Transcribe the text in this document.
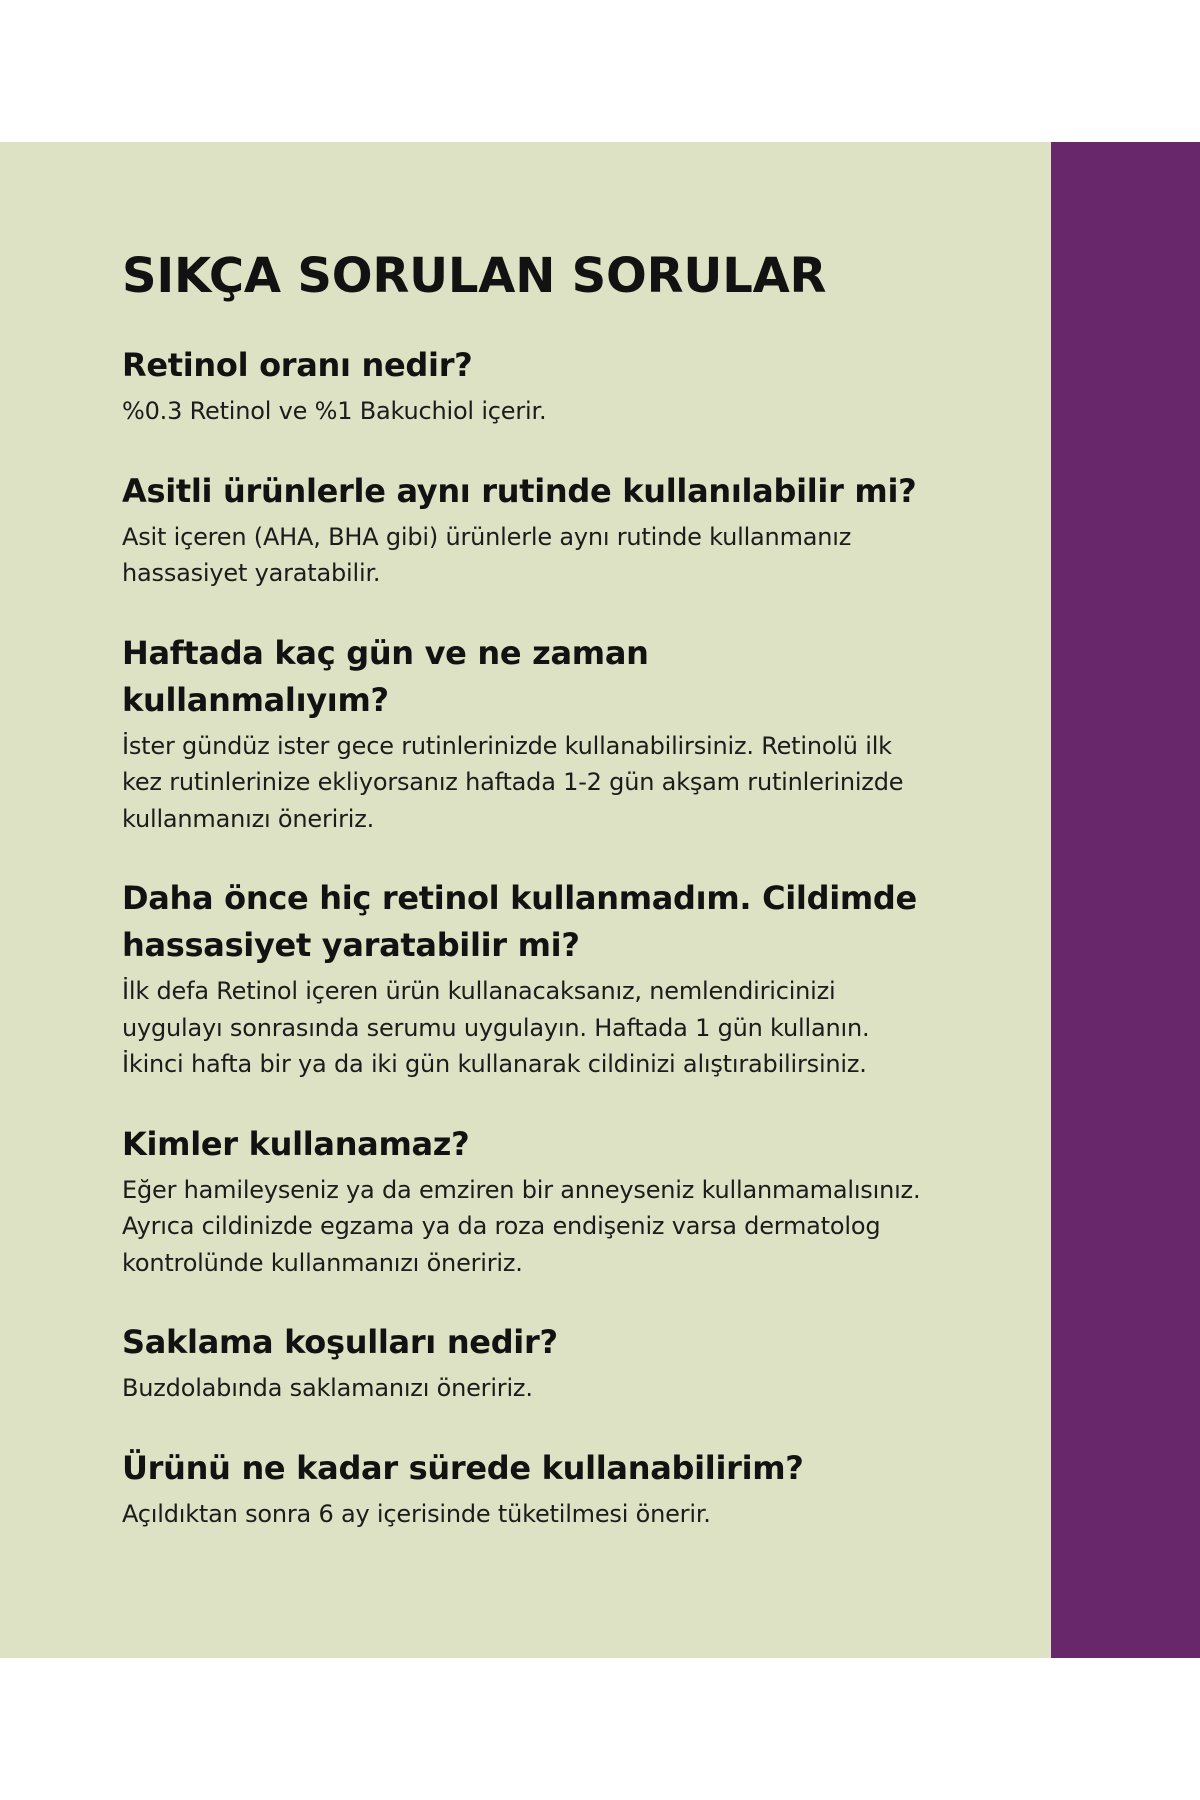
SIKÇA SORULAN SORULAR
Retinol oranı nedir?

%0.3 Retinol ve %1 Bakuchiol içerir.

Asitli ürünlerle aynı rutinde kullanılabilir mi?

Asit içeren (AHA, BHA gibi) ürünlerle aynı rutinde kullanmanız hassasiyet yaratabilir.

Haftada kaç gün ve ne zaman kullanmalıyım?

İster gündüz ister gece rutinlerinizde kullanabilirsiniz. Retinolü ilk kez rutinlerinize ekliyorsanız haftada 1-2 gün akşam rutinlerinizde kullanmanızı öneririz.

Daha önce hiç retinol kullanmadım. Cildimde hassasiyet yaratabilir mi?

İlk defa Retinol içeren ürün kullanacaksanız, nemlendiricinizi uygulayı sonrasında serumu uygulayın. Haftada 1 gün kullanın. İkinci hafta bir ya da iki gün kullanarak cildinizi alıştırabilirsiniz.

Kimler kullanamaz?

Eğer hamileyseniz ya da emziren bir anneyseniz kullanmamalısınız. Ayrıca cildinizde egzama ya da roza endişeniz varsa dermatolog kontrolünde kullanmanızı öneririz.

Saklama koşulları nedir?

Buzdolabında saklamanızı öneririz.

Ürünü ne kadar sürede kullanabilirim?

Açıldıktan sonra 6 ay içerisinde tüketilmesi önerir.
